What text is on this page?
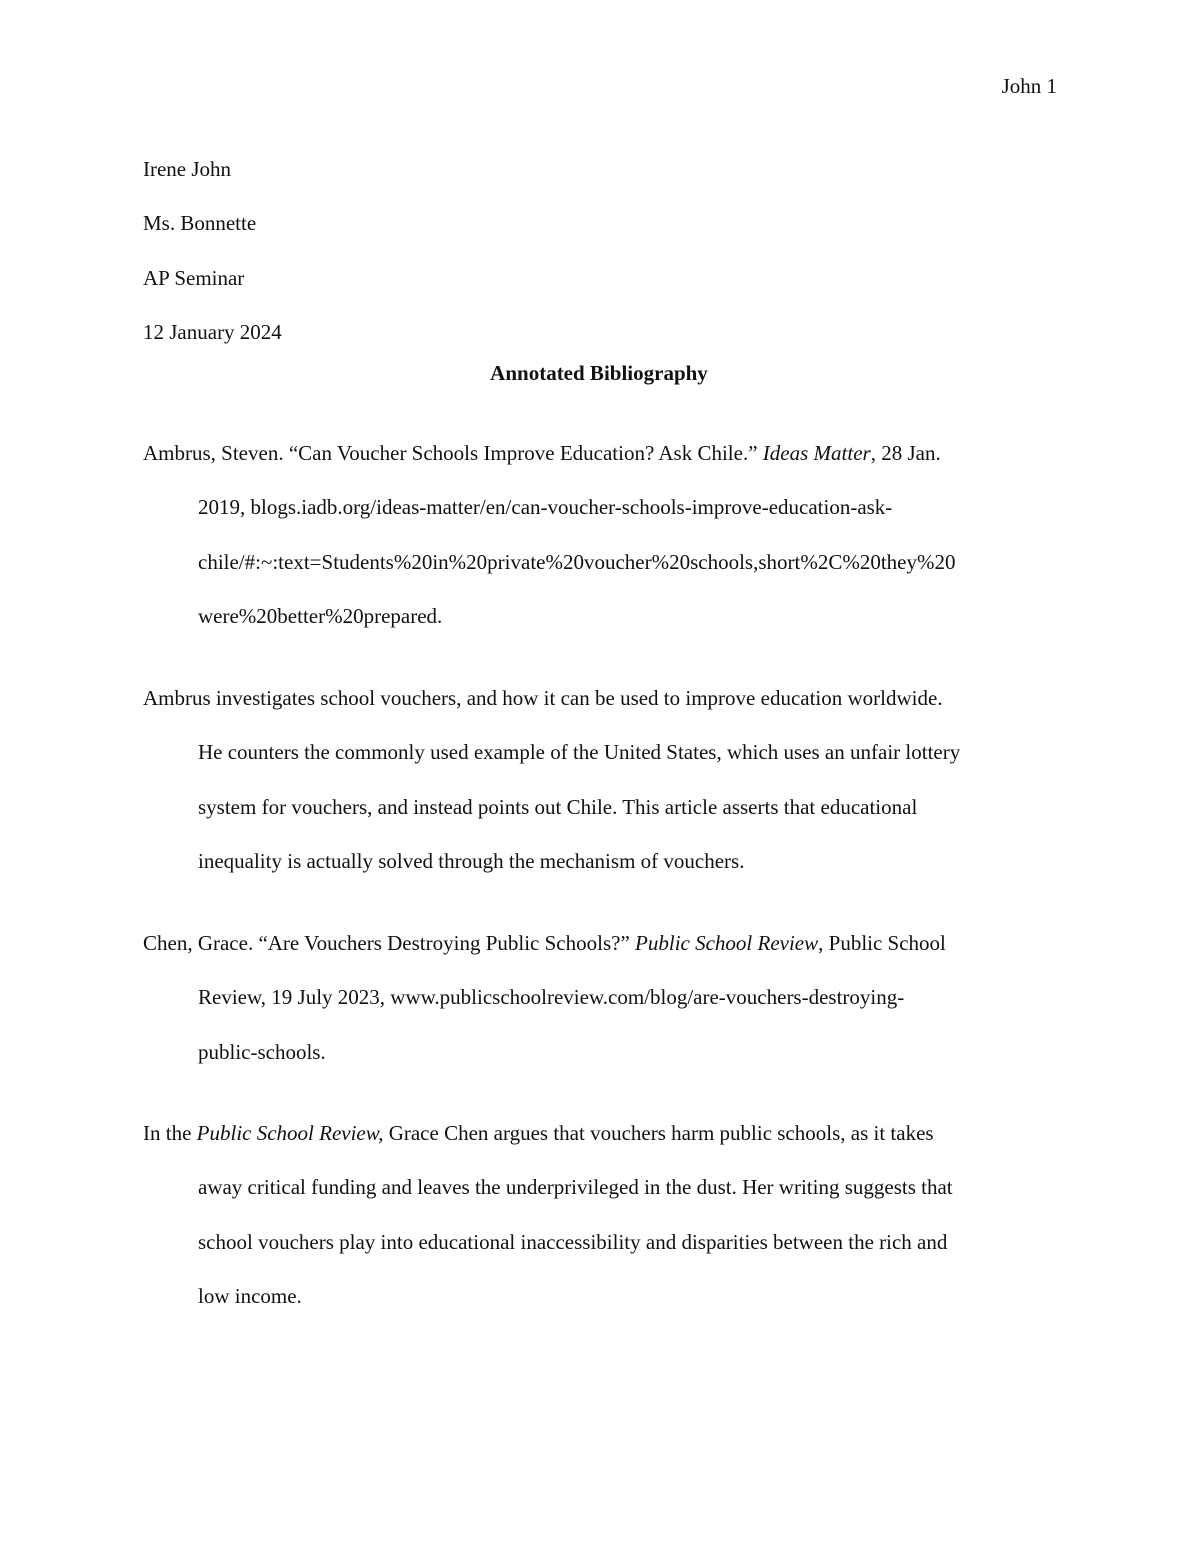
John 1
Irene John
Ms. Bonnette
AP Seminar
12 January 2024
Annotated Bibliography
Ambrus, Steven. “Can Voucher Schools Improve Education? Ask Chile.” Ideas Matter, 28 Jan.
2019, blogs.iadb.org/ideas-matter/en/can-voucher-schools-improve-education-ask-
chile/#:~:text=Students%20in%20private%20voucher%20schools,short%2C%20they%20
were%20better%20prepared.
Ambrus investigates school vouchers, and how it can be used to improve education worldwide.
He counters the commonly used example of the United States, which uses an unfair lottery
system for vouchers, and instead points out Chile. This article asserts that educational
inequality is actually solved through the mechanism of vouchers.
Chen, Grace. “Are Vouchers Destroying Public Schools?” Public School Review, Public School
Review, 19 July 2023, www.publicschoolreview.com/blog/are-vouchers-destroying-
public-schools.
In the Public School Review, Grace Chen argues that vouchers harm public schools, as it takes
away critical funding and leaves the underprivileged in the dust. Her writing suggests that
school vouchers play into educational inaccessibility and disparities between the rich and
low income.
